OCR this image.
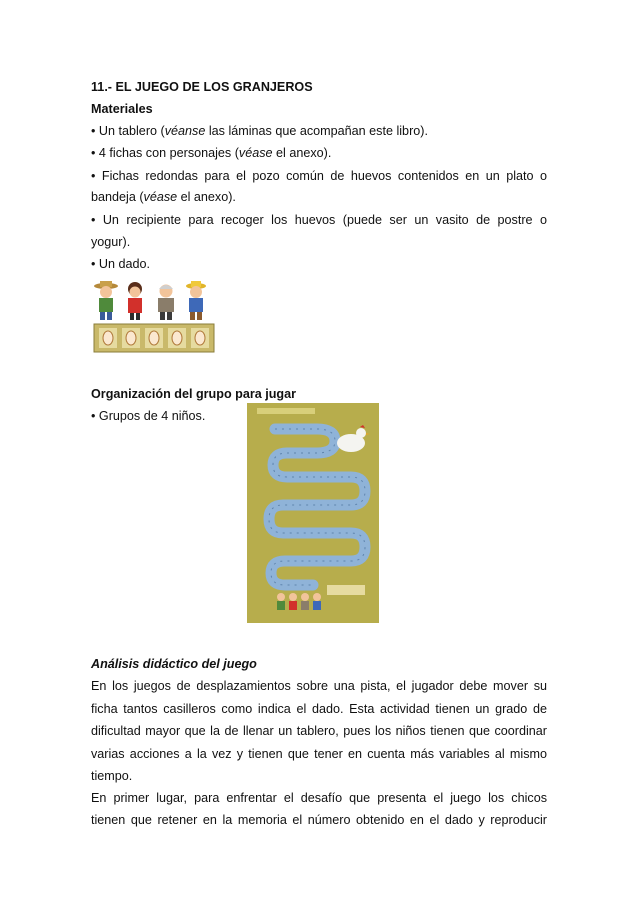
11.- EL JUEGO DE LOS GRANJEROS
Materiales
• Un tablero (véanse las láminas que acompañan este libro).
• 4 fichas con personajes (véase el anexo).
• Fichas redondas para el pozo común de huevos contenidos en un plato o
bandeja (véase el anexo).
• Un recipiente para recoger los huevos (puede ser un vasito de postre o
yogur).
• Un dado.
Organización del grupo para jugar
• Grupos de 4 niños.
Análisis didáctico del juego
En los juegos de desplazamientos sobre una pista, el jugador debe mover su
ficha tantos casilleros como indica el dado. Esta actividad tienen un grado de
dificultad mayor que la de llenar un tablero, pues los niños tienen que coordinar
varias acciones a la vez y tienen que tener en cuenta más variables al mismo
tiempo.
En primer lugar, para enfrentar el desafío que presenta el juego los chicos
tienen que retener en la memoria el número obtenido en el dado y reproducir
